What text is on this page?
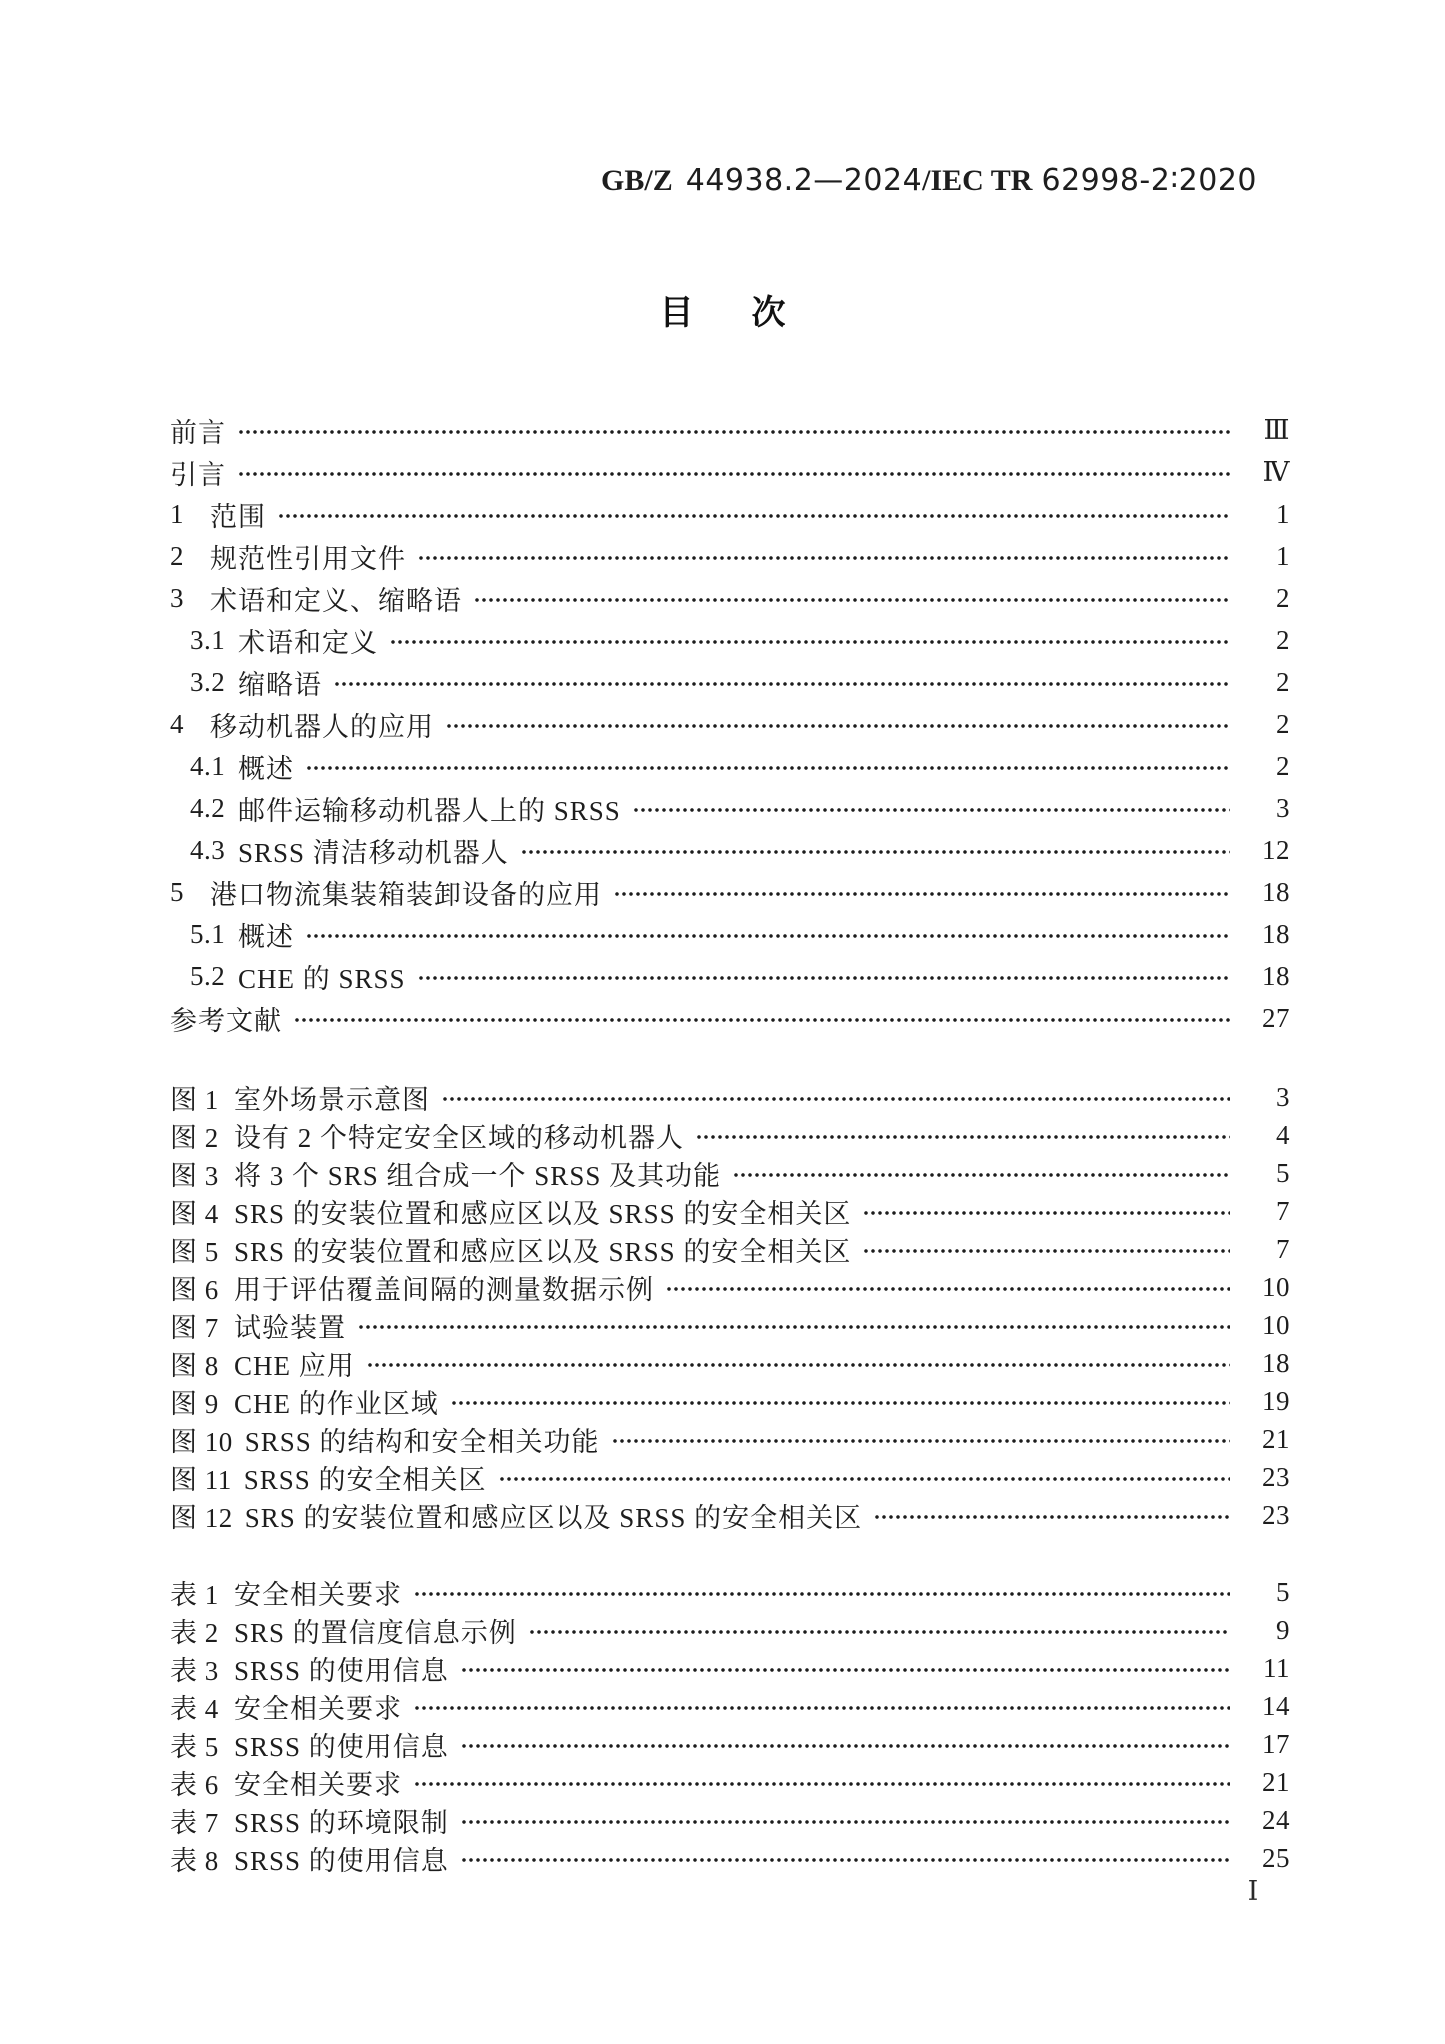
GB/Z 44938.2—2024 /IEC TR 62998-2∶2020
目 次
前言	Ⅲ
引言	Ⅳ
1 范围	1
2 规范性引用文件	1
3 术语和定义、缩略语	2
3.1 术语和定义	2
3.2 缩略语	2
4 移动机器人的应用	2
4.1 概述	2
4.2 邮件运输移动机器人上的 SRSS	3
4.3 SRSS 清洁移动机器人	12
5 港口物流集装箱装卸设备的应用	18
5.1 概述	18
5.2 CHE 的 SRSS	18
参考文献	27
图 1 室外场景示意图	3
图 2 设有 2 个特定安全区域的移动机器人	4
图 3 将 3 个 SRS 组合成一个 SRSS 及其功能	5
图 4 SRS 的安装位置和感应区以及 SRSS 的安全相关区	7
图 5 SRS 的安装位置和感应区以及 SRSS 的安全相关区	7
图 6 用于评估覆盖间隔的测量数据示例	10
图 7 试验装置	10
图 8 CHE 应用	18
图 9 CHE 的作业区域	19
图 10 SRSS 的结构和安全相关功能	21
图 11 SRSS 的安全相关区	23
图 12 SRS 的安装位置和感应区以及 SRSS 的安全相关区	23
表 1 安全相关要求	5
表 2 SRS 的置信度信息示例	9
表 3 SRSS 的使用信息	11
表 4 安全相关要求	14
表 5 SRSS 的使用信息	17
表 6 安全相关要求	21
表 7 SRSS 的环境限制	24
表 8 SRSS 的使用信息	25
Ⅰ
